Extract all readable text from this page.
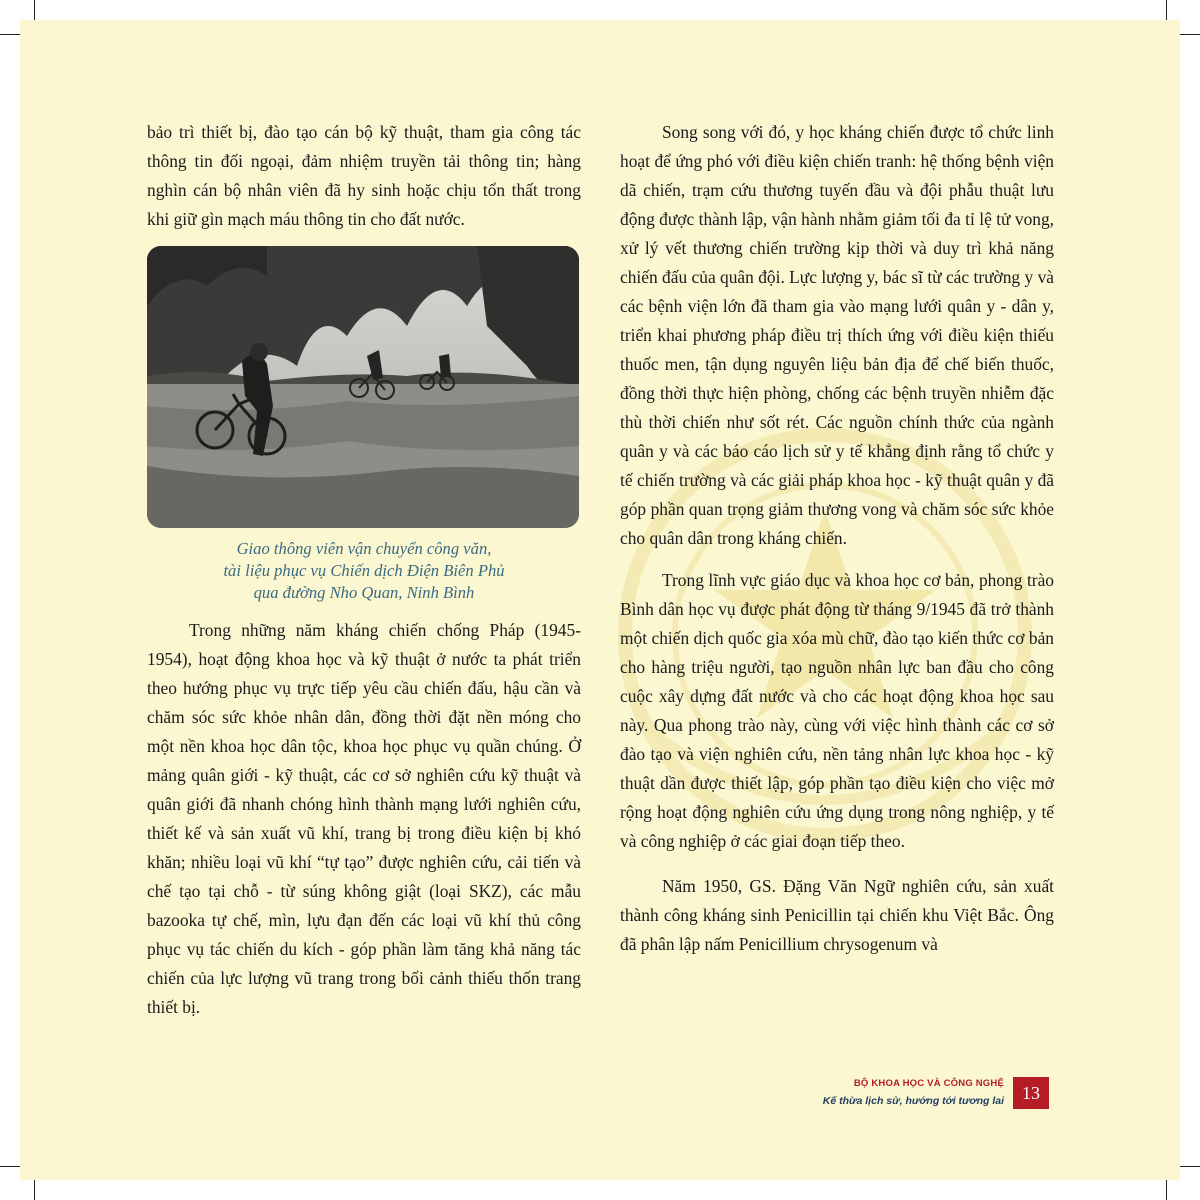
bảo trì thiết bị, đào tạo cán bộ kỹ thuật, tham gia công tác thông tin đối ngoại, đảm nhiệm truyền tải thông tin; hàng nghìn cán bộ nhân viên đã hy sinh hoặc chịu tổn thất trong khi giữ gìn mạch máu thông tin cho đất nước.

Giao thông viên vận chuyển công văn,
tài liệu phục vụ Chiến dịch Điện Biên Phủ
qua đường Nho Quan, Ninh Bình

Trong những năm kháng chiến chống Pháp (1945-1954), hoạt động khoa học và kỹ thuật ở nước ta phát triển theo hướng phục vụ trực tiếp yêu cầu chiến đấu, hậu cần và chăm sóc sức khỏe nhân dân, đồng thời đặt nền móng cho một nền khoa học dân tộc, khoa học phục vụ quần chúng. Ở mảng quân giới - kỹ thuật, các cơ sở nghiên cứu kỹ thuật và quân giới đã nhanh chóng hình thành mạng lưới nghiên cứu, thiết kế và sản xuất vũ khí, trang bị trong điều kiện bị khó khăn; nhiều loại vũ khí “tự tạo” được nghiên cứu, cải tiến và chế tạo tại chỗ - từ súng không giật (loại SKZ), các mẫu bazooka tự chế, mìn, lựu đạn đến các loại vũ khí thủ công phục vụ tác chiến du kích - góp phần làm tăng khả năng tác chiến của lực lượng vũ trang trong bối cảnh thiếu thốn trang thiết bị.

Song song với đó, y học kháng chiến được tổ chức linh hoạt để ứng phó với điều kiện chiến tranh: hệ thống bệnh viện dã chiến, trạm cứu thương tuyến đầu và đội phẫu thuật lưu động được thành lập, vận hành nhằm giảm tối đa tỉ lệ tử vong, xử lý vết thương chiến trường kịp thời và duy trì khả năng chiến đấu của quân đội. Lực lượng y, bác sĩ từ các trường y và các bệnh viện lớn đã tham gia vào mạng lưới quân y - dân y, triển khai phương pháp điều trị thích ứng với điều kiện thiếu thuốc men, tận dụng nguyên liệu bản địa để chế biến thuốc, đồng thời thực hiện phòng, chống các bệnh truyền nhiễm đặc thù thời chiến như sốt rét. Các nguồn chính thức của ngành quân y và các báo cáo lịch sử y tế khẳng định rằng tổ chức y tế chiến trường và các giải pháp khoa học - kỹ thuật quân y đã góp phần quan trọng giảm thương vong và chăm sóc sức khỏe cho quân dân trong kháng chiến.

Trong lĩnh vực giáo dục và khoa học cơ bản, phong trào Bình dân học vụ được phát động từ tháng 9/1945 đã trở thành một chiến dịch quốc gia xóa mù chữ, đào tạo kiến thức cơ bản cho hàng triệu người, tạo nguồn nhân lực ban đầu cho công cuộc xây dựng đất nước và cho các hoạt động khoa học sau này. Qua phong trào này, cùng với việc hình thành các cơ sở đào tạo và viện nghiên cứu, nền tảng nhân lực khoa học - kỹ thuật dần được thiết lập, góp phần tạo điều kiện cho việc mở rộng hoạt động nghiên cứu ứng dụng trong nông nghiệp, y tế và công nghiệp ở các giai đoạn tiếp theo.

Năm 1950, GS. Đặng Văn Ngữ nghiên cứu, sản xuất thành công kháng sinh Penicillin tại chiến khu Việt Bắc. Ông đã phân lập nấm Penicillium chrysogenum và

BỘ KHOA HỌC VÀ CÔNG NGHỆ
Kế thừa lịch sử, hướng tới tương lai	13
